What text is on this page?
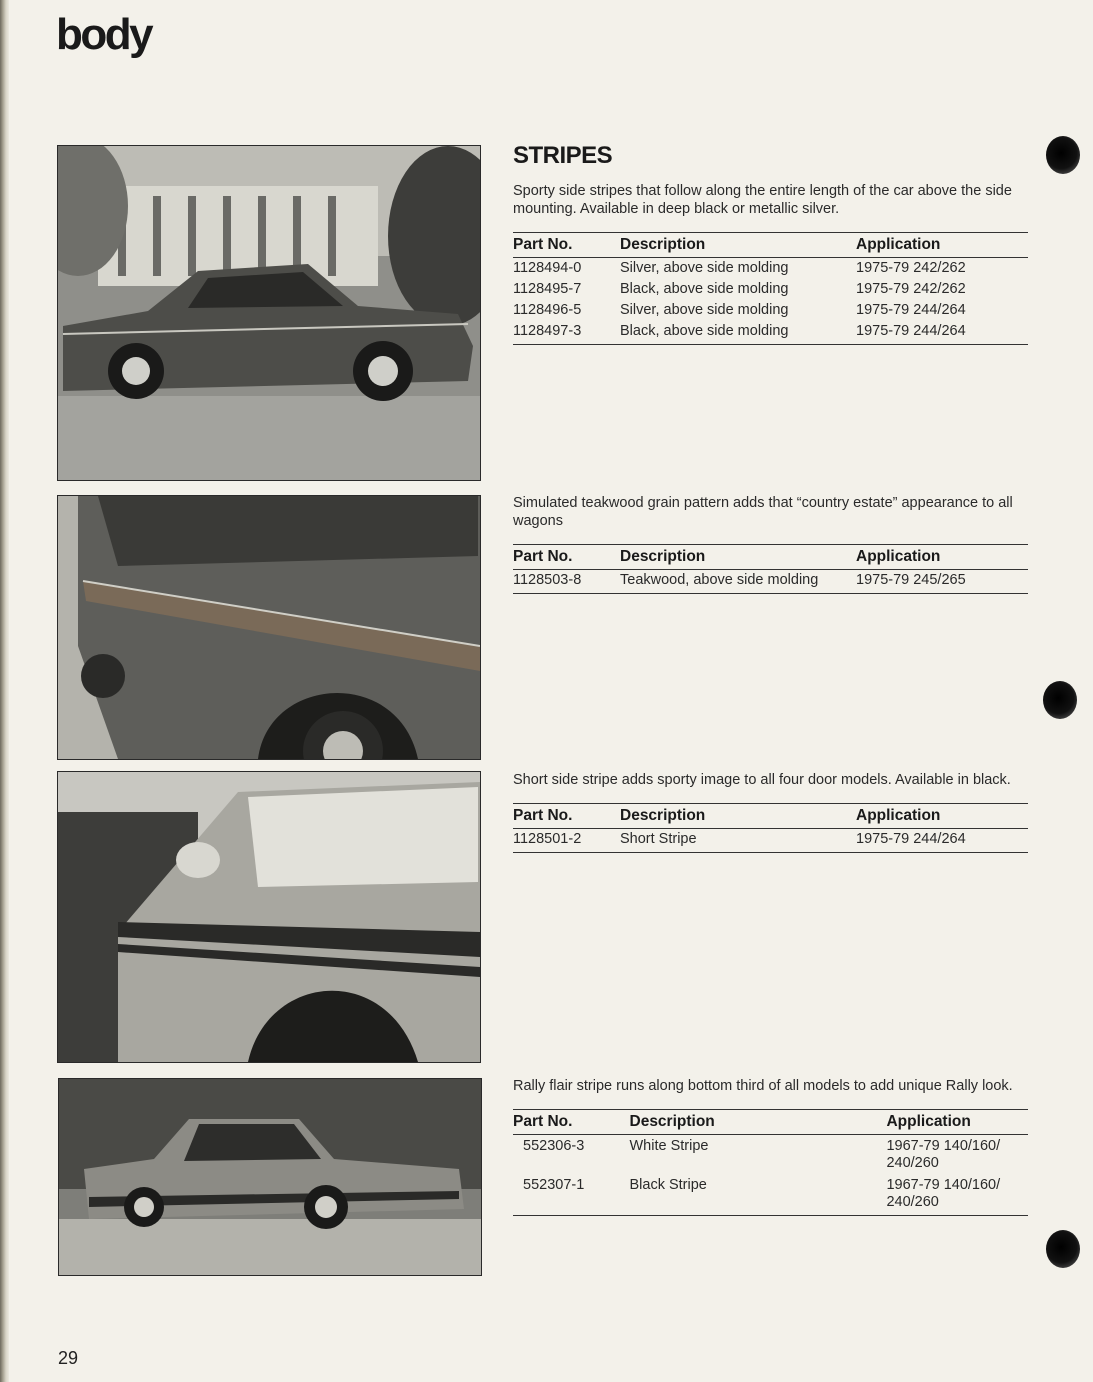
body
STRIPES

Sporty side stripes that follow along the entire length of the car above the side mounting. Available in deep black or metallic silver.

Part No.	Description	Application
1128494-0	Silver, above side molding	1975-79 242/262
1128495-7	Black, above side molding	1975-79 242/262
1128496-5	Silver, above side molding	1975-79 244/264
1128497-3	Black, above side molding	1975-79 244/264

Simulated teakwood grain pattern adds that “country estate” appearance to all wagons

Part No.	Description	Application
1128503-8	Teakwood, above side molding	1975-79 245/265

Short side stripe adds sporty image to all four door models. Available in black.

Part No.	Description	Application
1128501-2	Short Stripe	1975-79 244/264

Rally flair stripe runs along bottom third of all models to add unique Rally look.

Part No.	Description	Application
552306-3	White Stripe	1967-79 140/160/ 240/260
552307-1	Black Stripe	1967-79 140/160/ 240/260
29
